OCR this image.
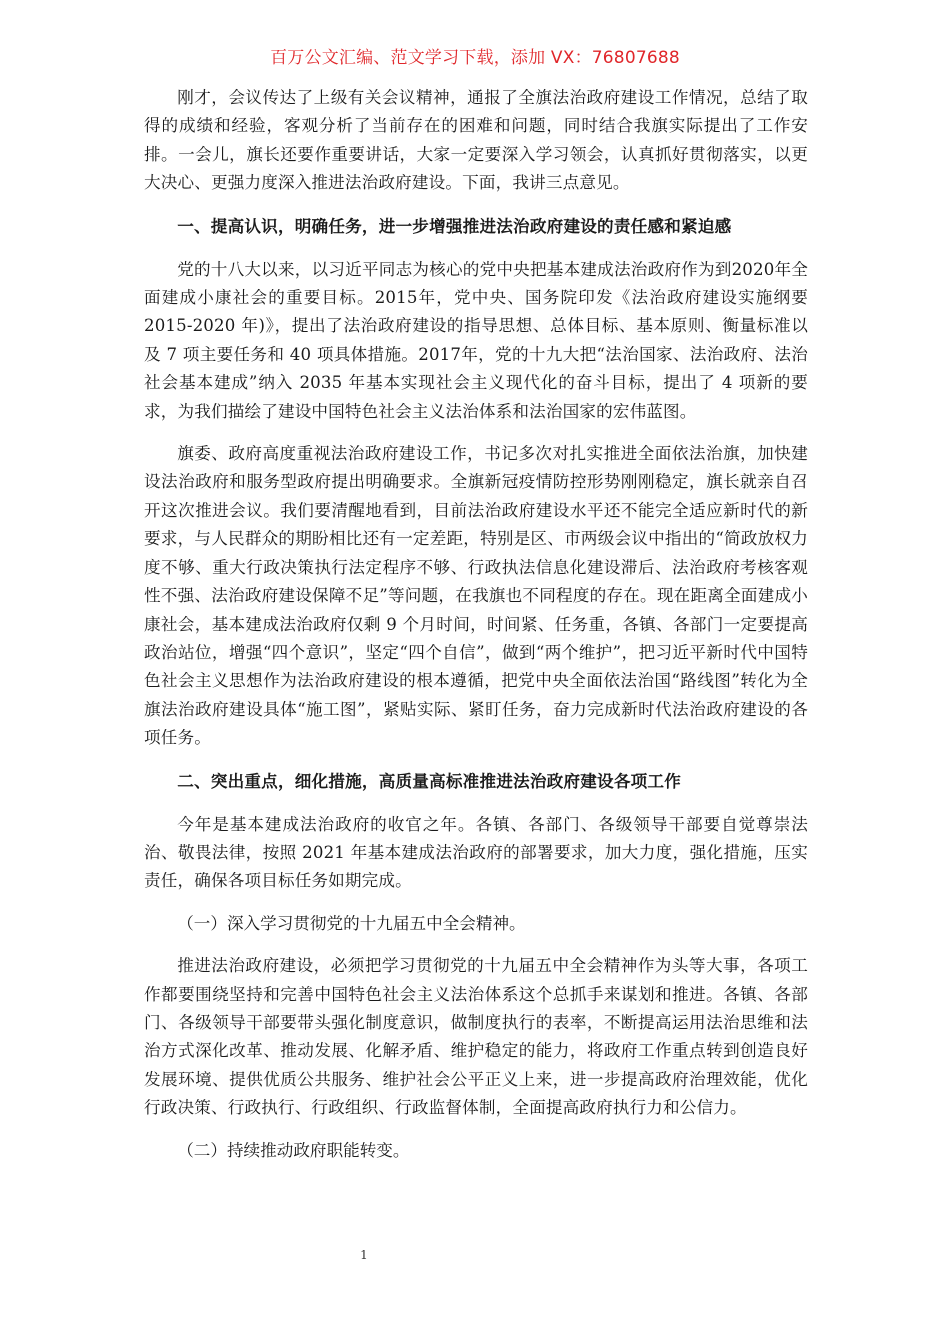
百万公文汇编、范文学习下载，添加 VX：76807688

刚才，会议传达了上级有关会议精神，通报了全旗法治政府建设工作情况，总结了取得的成绩和经验，客观分析了当前存在的困难和问题，同时结合我旗实际提出了工作安排。一会儿，旗长还要作重要讲话，大家一定要深入学习领会，认真抓好贯彻落实，以更大决心、更强力度深入推进法治政府建设。下面，我讲三点意见。

一、提高认识，明确任务，进一步增强推进法治政府建设的责任感和紧迫感

党的十八大以来，以习近平同志为核心的党中央把基本建成法治政府作为到2020年全面建成小康社会的重要目标。2015年，党中央、国务院印发《法治政府建设实施纲要 2015-2020 年)》，提出了法治政府建设的指导思想、总体目标、基本原则、衡量标准以及 7 项主要任务和 40 项具体措施。2017年，党的十九大把“法治国家、法治政府、法治社会基本建成”纳入 2035 年基本实现社会主义现代化的奋斗目标，提出了 4 项新的要求，为我们描绘了建设中国特色社会主义法治体系和法治国家的宏伟蓝图。

旗委、政府高度重视法治政府建设工作，书记多次对扎实推进全面依法治旗，加快建设法治政府和服务型政府提出明确要求。全旗新冠疫情防控形势刚刚稳定，旗长就亲自召开这次推进会议。我们要清醒地看到，目前法治政府建设水平还不能完全适应新时代的新要求，与人民群众的期盼相比还有一定差距，特别是区、市两级会议中指出的“简政放权力度不够、重大行政决策执行法定程序不够、行政执法信息化建设滞后、法治政府考核客观性不强、法治政府建设保障不足”等问题，在我旗也不同程度的存在。现在距离全面建成小康社会，基本建成法治政府仅剩 9 个月时间，时间紧、任务重，各镇、各部门一定要提高政治站位，增强“四个意识”，坚定“四个自信”，做到“两个维护”，把习近平新时代中国特色社会主义思想作为法治政府建设的根本遵循，把党中央全面依法治国“路线图”转化为全旗法治政府建设具体“施工图”，紧贴实际、紧盯任务，奋力完成新时代法治政府建设的各项任务。

二、突出重点，细化措施，高质量高标准推进法治政府建设各项工作

今年是基本建成法治政府的收官之年。各镇、各部门、各级领导干部要自觉尊崇法治、敬畏法律，按照 2021 年基本建成法治政府的部署要求，加大力度，强化措施，压实责任，确保各项目标任务如期完成。

（一）深入学习贯彻党的十九届五中全会精神。

推进法治政府建设，必须把学习贯彻党的十九届五中全会精神作为头等大事，各项工作都要围绕坚持和完善中国特色社会主义法治体系这个总抓手来谋划和推进。各镇、各部门、各级领导干部要带头强化制度意识，做制度执行的表率，不断提高运用法治思维和法治方式深化改革、推动发展、化解矛盾、维护稳定的能力，将政府工作重点转到创造良好发展环境、提供优质公共服务、维护社会公平正义上来，进一步提高政府治理效能，优化行政决策、行政执行、行政组织、行政监督体制，全面提高政府执行力和公信力。

（二）持续推动政府职能转变。

1
